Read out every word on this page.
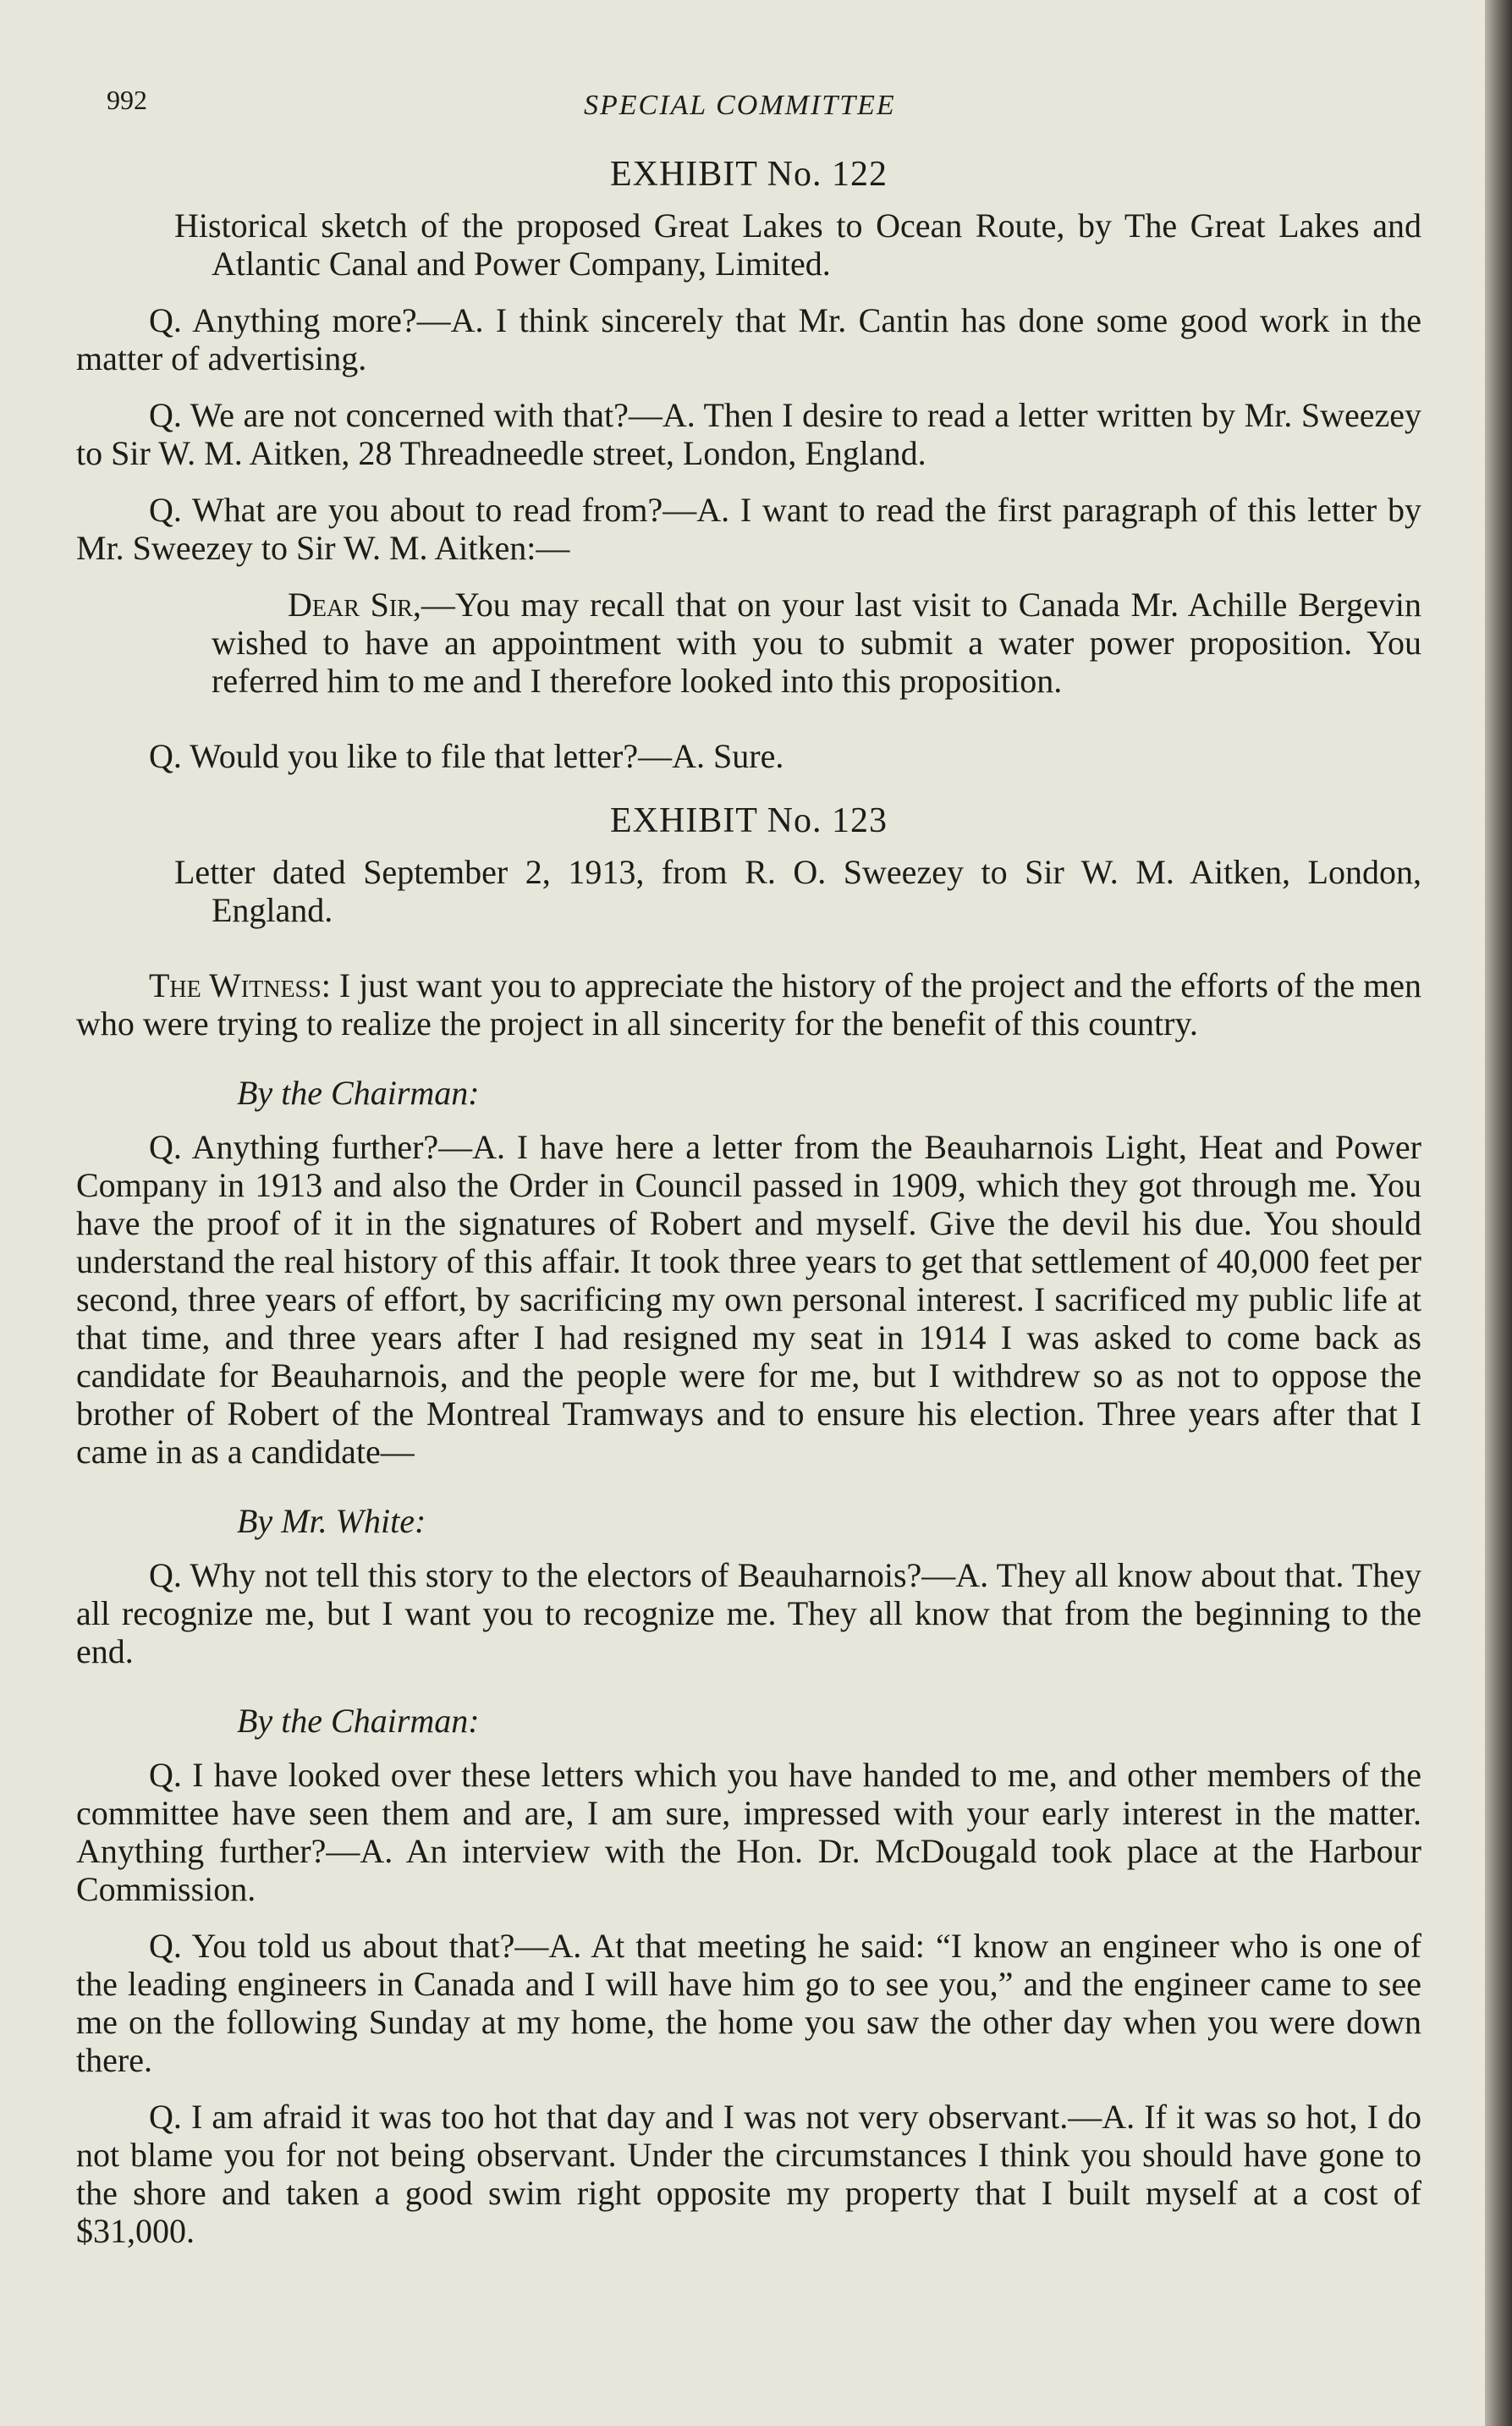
992	SPECIAL COMMITTEE
EXHIBIT No. 122

Historical sketch of the proposed Great Lakes to Ocean Route, by The Great Lakes and Atlantic Canal and Power Company, Limited.

Q. Anything more?—A. I think sincerely that Mr. Cantin has done some good work in the matter of advertising.

Q. We are not concerned with that?—A. Then I desire to read a letter written by Mr. Sweezey to Sir W. M. Aitken, 28 Threadneedle street, London, England.

Q. What are you about to read from?—A. I want to read the first paragraph of this letter by Mr. Sweezey to Sir W. M. Aitken:—

Dear Sir,—You may recall that on your last visit to Canada Mr. Achille Bergevin wished to have an appointment with you to submit a water power proposition. You referred him to me and I therefore looked into this proposition.

Q. Would you like to file that letter?—A. Sure.

EXHIBIT No. 123

Letter dated September 2, 1913, from R. O. Sweezey to Sir W. M. Aitken, London, England.

The Witness: I just want you to appreciate the history of the project and the efforts of the men who were trying to realize the project in all sincerity for the benefit of this country.

By the Chairman:

Q. Anything further?—A. I have here a letter from the Beauharnois Light, Heat and Power Company in 1913 and also the Order in Council passed in 1909, which they got through me. You have the proof of it in the signatures of Robert and myself. Give the devil his due. You should understand the real history of this affair. It took three years to get that settlement of 40,000 feet per second, three years of effort, by sacrificing my own personal interest. I sacrificed my public life at that time, and three years after I had resigned my seat in 1914 I was asked to come back as candidate for Beauharnois, and the people were for me, but I withdrew so as not to oppose the brother of Robert of the Montreal Tramways and to ensure his election. Three years after that I came in as a candidate—

By Mr. White:

Q. Why not tell this story to the electors of Beauharnois?—A. They all know about that. They all recognize me, but I want you to recognize me. They all know that from the beginning to the end.

By the Chairman:

Q. I have looked over these letters which you have handed to me, and other members of the committee have seen them and are, I am sure, impressed with your early interest in the matter. Anything further?—A. An interview with the Hon. Dr. McDougald took place at the Harbour Commission.

Q. You told us about that?—A. At that meeting he said: “I know an engineer who is one of the leading engineers in Canada and I will have him go to see you,” and the engineer came to see me on the following Sunday at my home, the home you saw the other day when you were down there.

Q. I am afraid it was too hot that day and I was not very observant.—A. If it was so hot, I do not blame you for not being observant. Under the circumstances I think you should have gone to the shore and taken a good swim right opposite my property that I built myself at a cost of $31,000.
